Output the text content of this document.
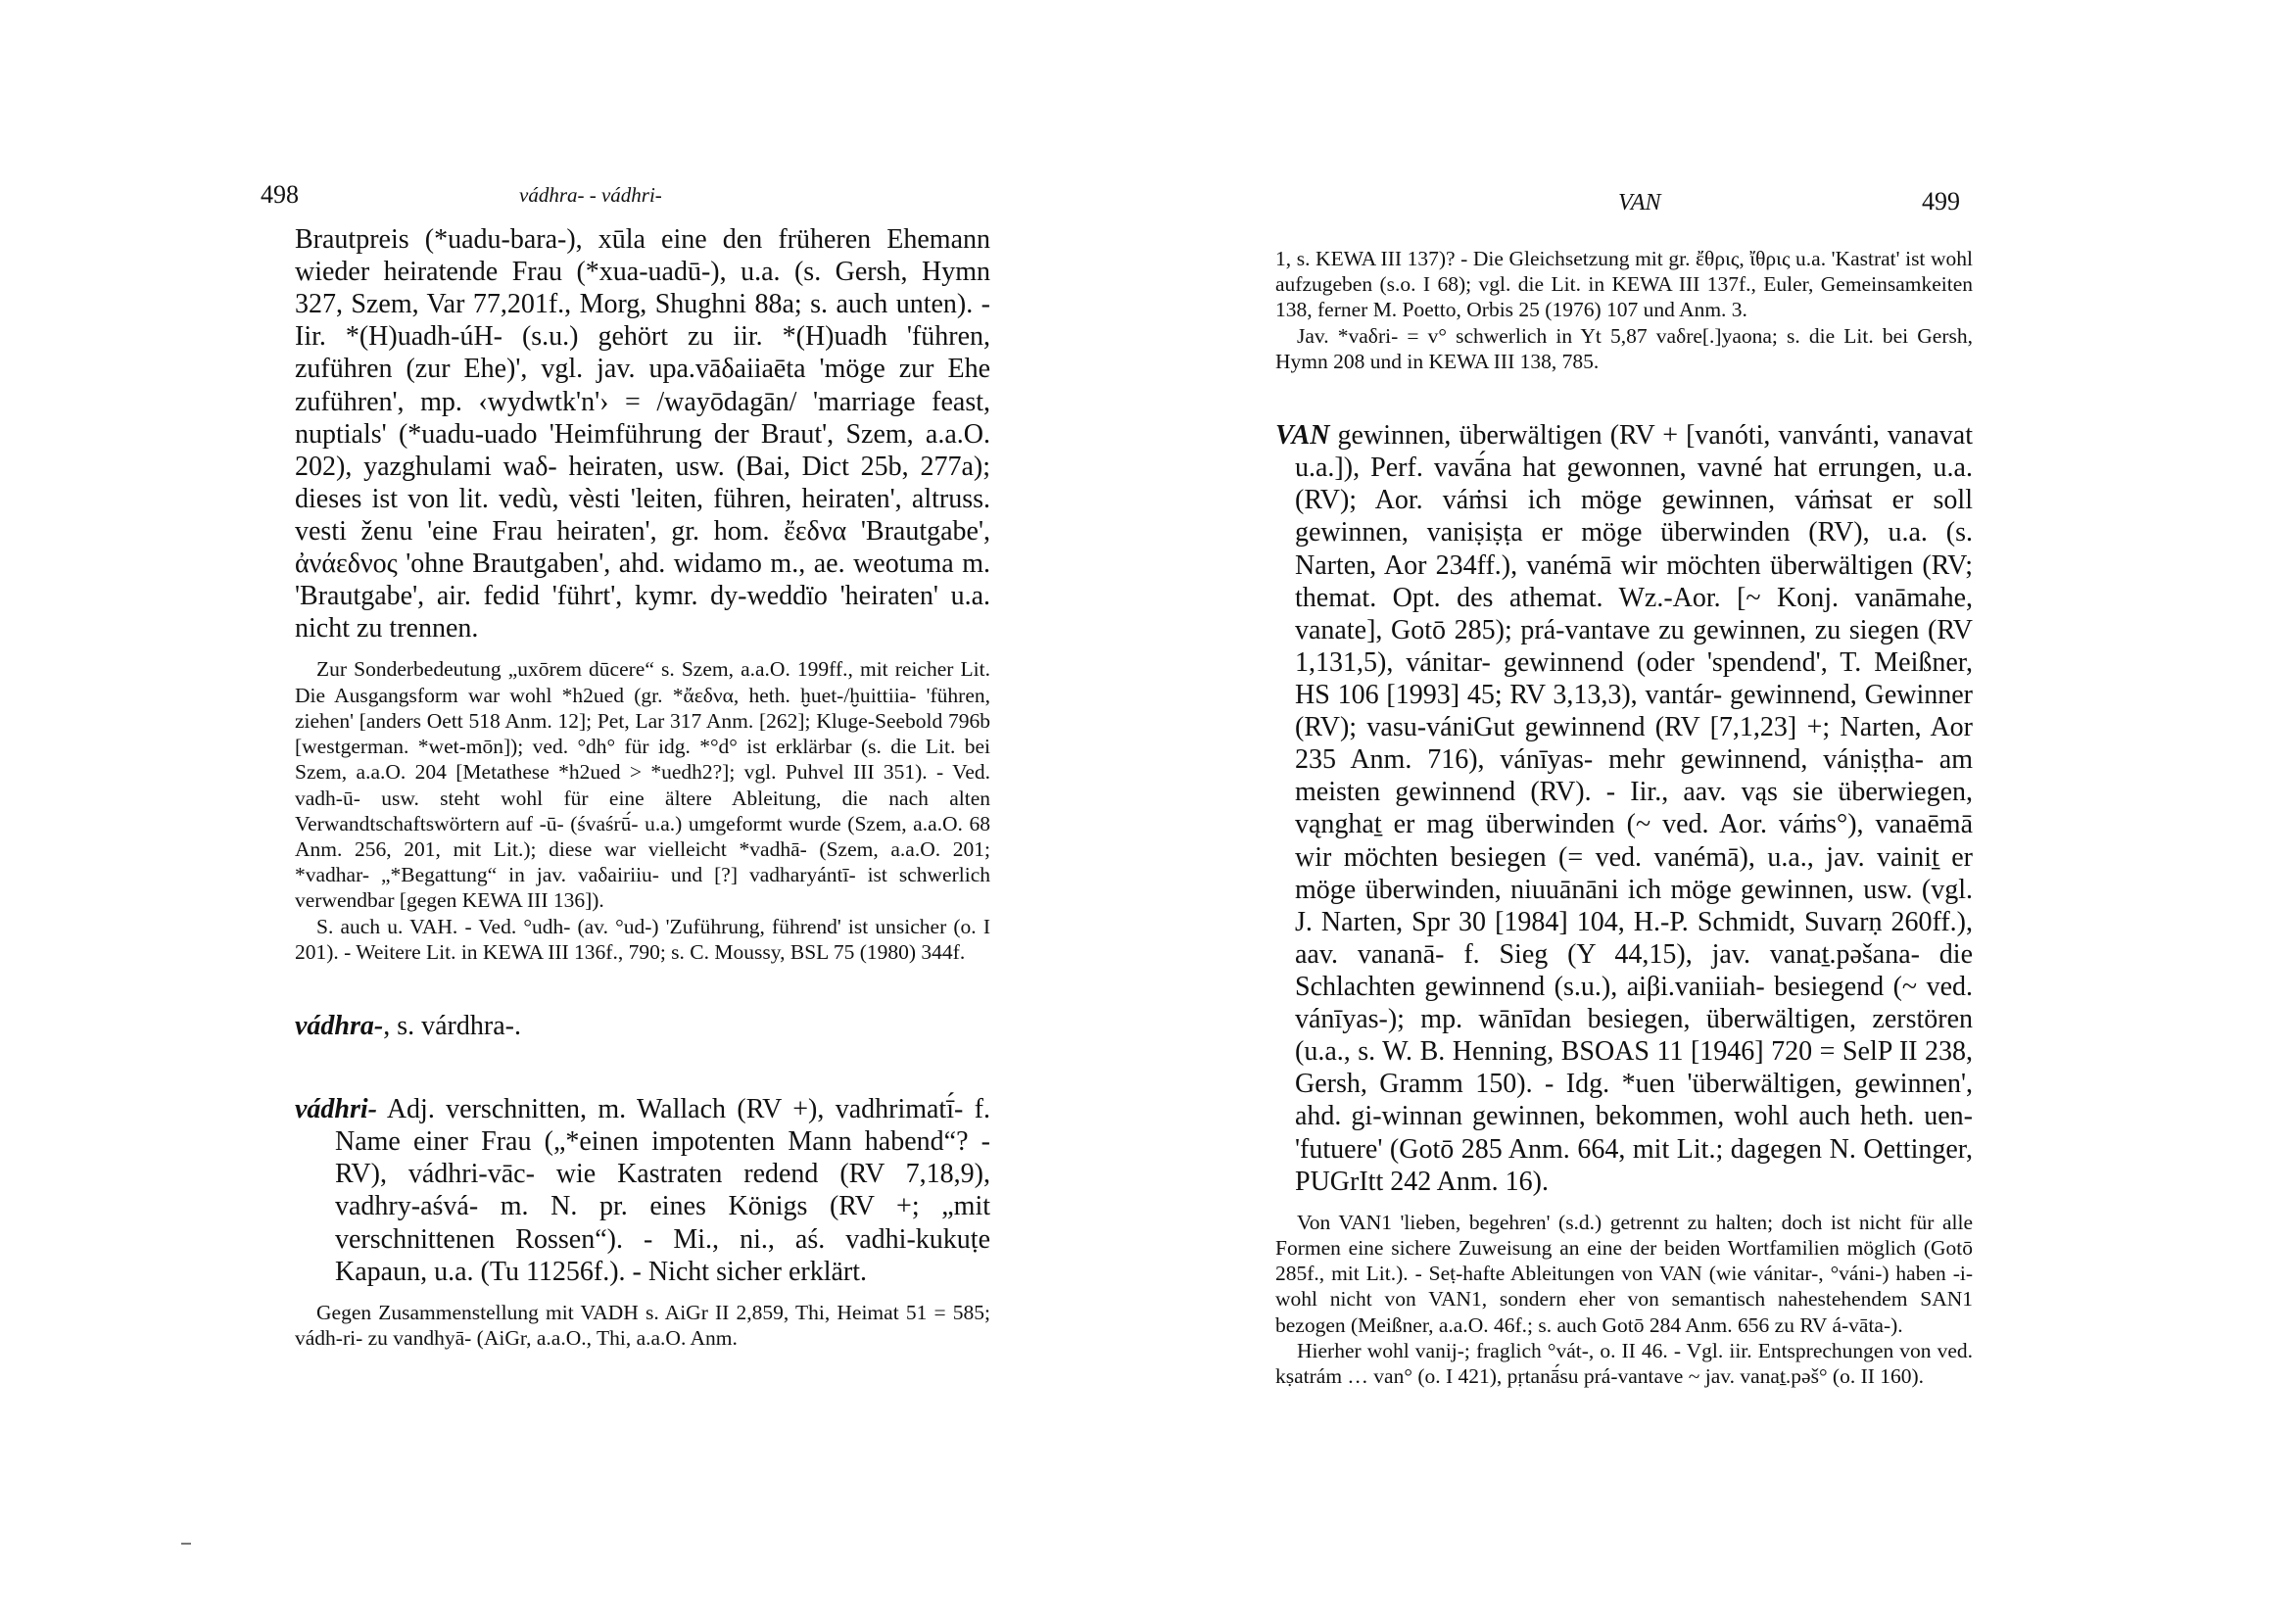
498	vádhra- - vádhri-

Brautpreis (*uadu-bara-), xūla eine den früheren Ehemann wieder heiratende Frau (*xua-uadū-), u.a. (s. Gersh, Hymn 327, Szem, Var 77,201f., Morg, Shughni 88a; s. auch unten). - Iir. *(H)uadh-úH- (s.u.) gehört zu iir. *(H)uadh 'führen, zuführen (zur Ehe)', vgl. jav. upa.vāδaiiaēta 'möge zur Ehe zuführen', mp. ‹wydwtk'n'› = /wayōdagān/ 'marriage feast, nuptials' (*uadu-uado 'Heimführung der Braut', Szem, a.a.O. 202), yazghulami waδ- heiraten, usw. (Bai, Dict 25b, 277a); dieses ist von lit. vedù, vèsti 'leiten, führen, heiraten', altruss. vesti ženu 'eine Frau heiraten', gr. hom. ἔεδνα 'Brautgabe', ἀνάεδνος 'ohne Brautgaben', ahd. widamo m., ae. weotuma m. 'Brautgabe', air. fedid 'führt', kymr. dy-weddïo 'heiraten' u.a. nicht zu trennen.

Zur Sonderbedeutung „uxōrem dūcere“ s. Szem, a.a.O. 199ff., mit reicher Lit. Die Ausgangsform war wohl *h2ued (gr. *ἄεδνα, heth. ḫuet-/ḫuittiia- 'führen, ziehen' [anders Oett 518 Anm. 12]; Pet, Lar 317 Anm. [262]; Kluge-Seebold 796b [westgerman. *wet-mōn]); ved. °dh° für idg. *°d° ist erklärbar (s. die Lit. bei Szem, a.a.O. 204 [Metathese *h2ued > *uedh2?]; vgl. Puhvel III 351). - Ved. vadh-ū- usw. steht wohl für eine ältere Ableitung, die nach alten Verwandtschaftswörtern auf -ū- (śvaśrū́- u.a.) umgeformt wurde (Szem, a.a.O. 68 Anm. 256, 201, mit Lit.); diese war vielleicht *vadhā- (Szem, a.a.O. 201; *vadhar- „*Begattung“ in jav. vaδairiiu- und [?] vadharyántī- ist schwerlich verwendbar [gegen KEWA III 136]).

S. auch u. VAH. - Ved. °udh- (av. °ud-) 'Zuführung, führend' ist unsicher (o. I 201). - Weitere Lit. in KEWA III 136f., 790; s. C. Moussy, BSL 75 (1980) 344f.

vádhra-, s. várdhra-.

vádhri- Adj. verschnitten, m. Wallach (RV +), vadhrimatī́- f. Name einer Frau („*einen impotenten Mann habend“? - RV), vádhri-vāc- wie Kastraten redend (RV 7,18,9), vadhry-aśvá- m. N. pr. eines Königs (RV +; „mit verschnittenen Rossen“). - Mi., ni., aś. vadhi-kukuṭe Kapaun, u.a. (Tu 11256f.). - Nicht sicher erklärt.

Gegen Zusammenstellung mit VADH s. AiGr II 2,859, Thi, Heimat 51 = 585; vádh-ri- zu vandhyā- (AiGr, a.a.O., Thi, a.a.O. Anm.

VAN	499

1, s. KEWA III 137)? - Die Gleichsetzung mit gr. ἔθρις, ἴθρις u.a. 'Kastrat' ist wohl aufzugeben (s.o. I 68); vgl. die Lit. in KEWA III 137f., Euler, Gemeinsamkeiten 138, ferner M. Poetto, Orbis 25 (1976) 107 und Anm. 3.

Jav. *vaδri- = v° schwerlich in Yt 5,87 vaδre[.]yaona; s. die Lit. bei Gersh, Hymn 208 und in KEWA III 138, 785.

VAN gewinnen, überwältigen (RV + [vanóti, vanvánti, vanavat u.a.]), Perf. vavā́na hat gewonnen, vavné hat errungen, u.a. (RV); Aor. váṁsi ich möge gewinnen, váṁsat er soll gewinnen, vaniṣiṣṭa er möge überwinden (RV), u.a. (s. Narten, Aor 234ff.), vanémā wir möchten überwältigen (RV; themat. Opt. des athemat. Wz.-Aor. [~ Konj. vanāmahe, vanate], Gotō 285); prá-vantave zu gewinnen, zu siegen (RV 1,131,5), vánitar- gewinnend (oder 'spendend', T. Meißner, HS 106 [1993] 45; RV 3,13,3), vantár- gewinnend, Gewinner (RV); vasu-vániGut gewinnend (RV [7,1,23] +; Narten, Aor 235 Anm. 716), vánīyas- mehr gewinnend, vániṣṭha- am meisten gewinnend (RV). - Iir., aav. vąs sie überwiegen, vąnghaṯ er mag überwinden (~ ved. Aor. váṁs°), vanaēmā wir möchten besiegen (= ved. vanémā), u.a., jav. vainiṯ er möge überwinden, niuuānāni ich möge gewinnen, usw. (vgl. J. Narten, Spr 30 [1984] 104, H.-P. Schmidt, Suvarṇ 260ff.), aav. vananā- f. Sieg (Y 44,15), jav. vanaṯ.pəšana- die Schlachten gewinnend (s.u.), aiβi.vaniiah- besiegend (~ ved. vánīyas-); mp. wānīdan besiegen, überwältigen, zerstören (u.a., s. W. B. Henning, BSOAS 11 [1946] 720 = SelP II 238, Gersh, Gramm 150). - Idg. *uen 'überwältigen, gewinnen', ahd. gi-winnan gewinnen, bekommen, wohl auch heth. uen- 'futuere' (Gotō 285 Anm. 664, mit Lit.; dagegen N. Oettinger, PUGrItt 242 Anm. 16).

Von VAN1 'lieben, begehren' (s.d.) getrennt zu halten; doch ist nicht für alle Formen eine sichere Zuweisung an eine der beiden Wortfamilien möglich (Gotō 285f., mit Lit.). - Seṭ-hafte Ableitungen von VAN (wie vánitar-, °váni-) haben -i- wohl nicht von VAN1, sondern eher von semantisch nahestehendem SAN1 bezogen (Meißner, a.a.O. 46f.; s. auch Gotō 284 Anm. 656 zu RV á-vāta-).

Hierher wohl vanij-; fraglich °vát-, o. II 46. - Vgl. iir. Entsprechungen von ved. kṣatrám … van° (o. I 421), pṛtanā́su prá-vantave ~ jav. vanaṯ.pəš° (o. II 160).
